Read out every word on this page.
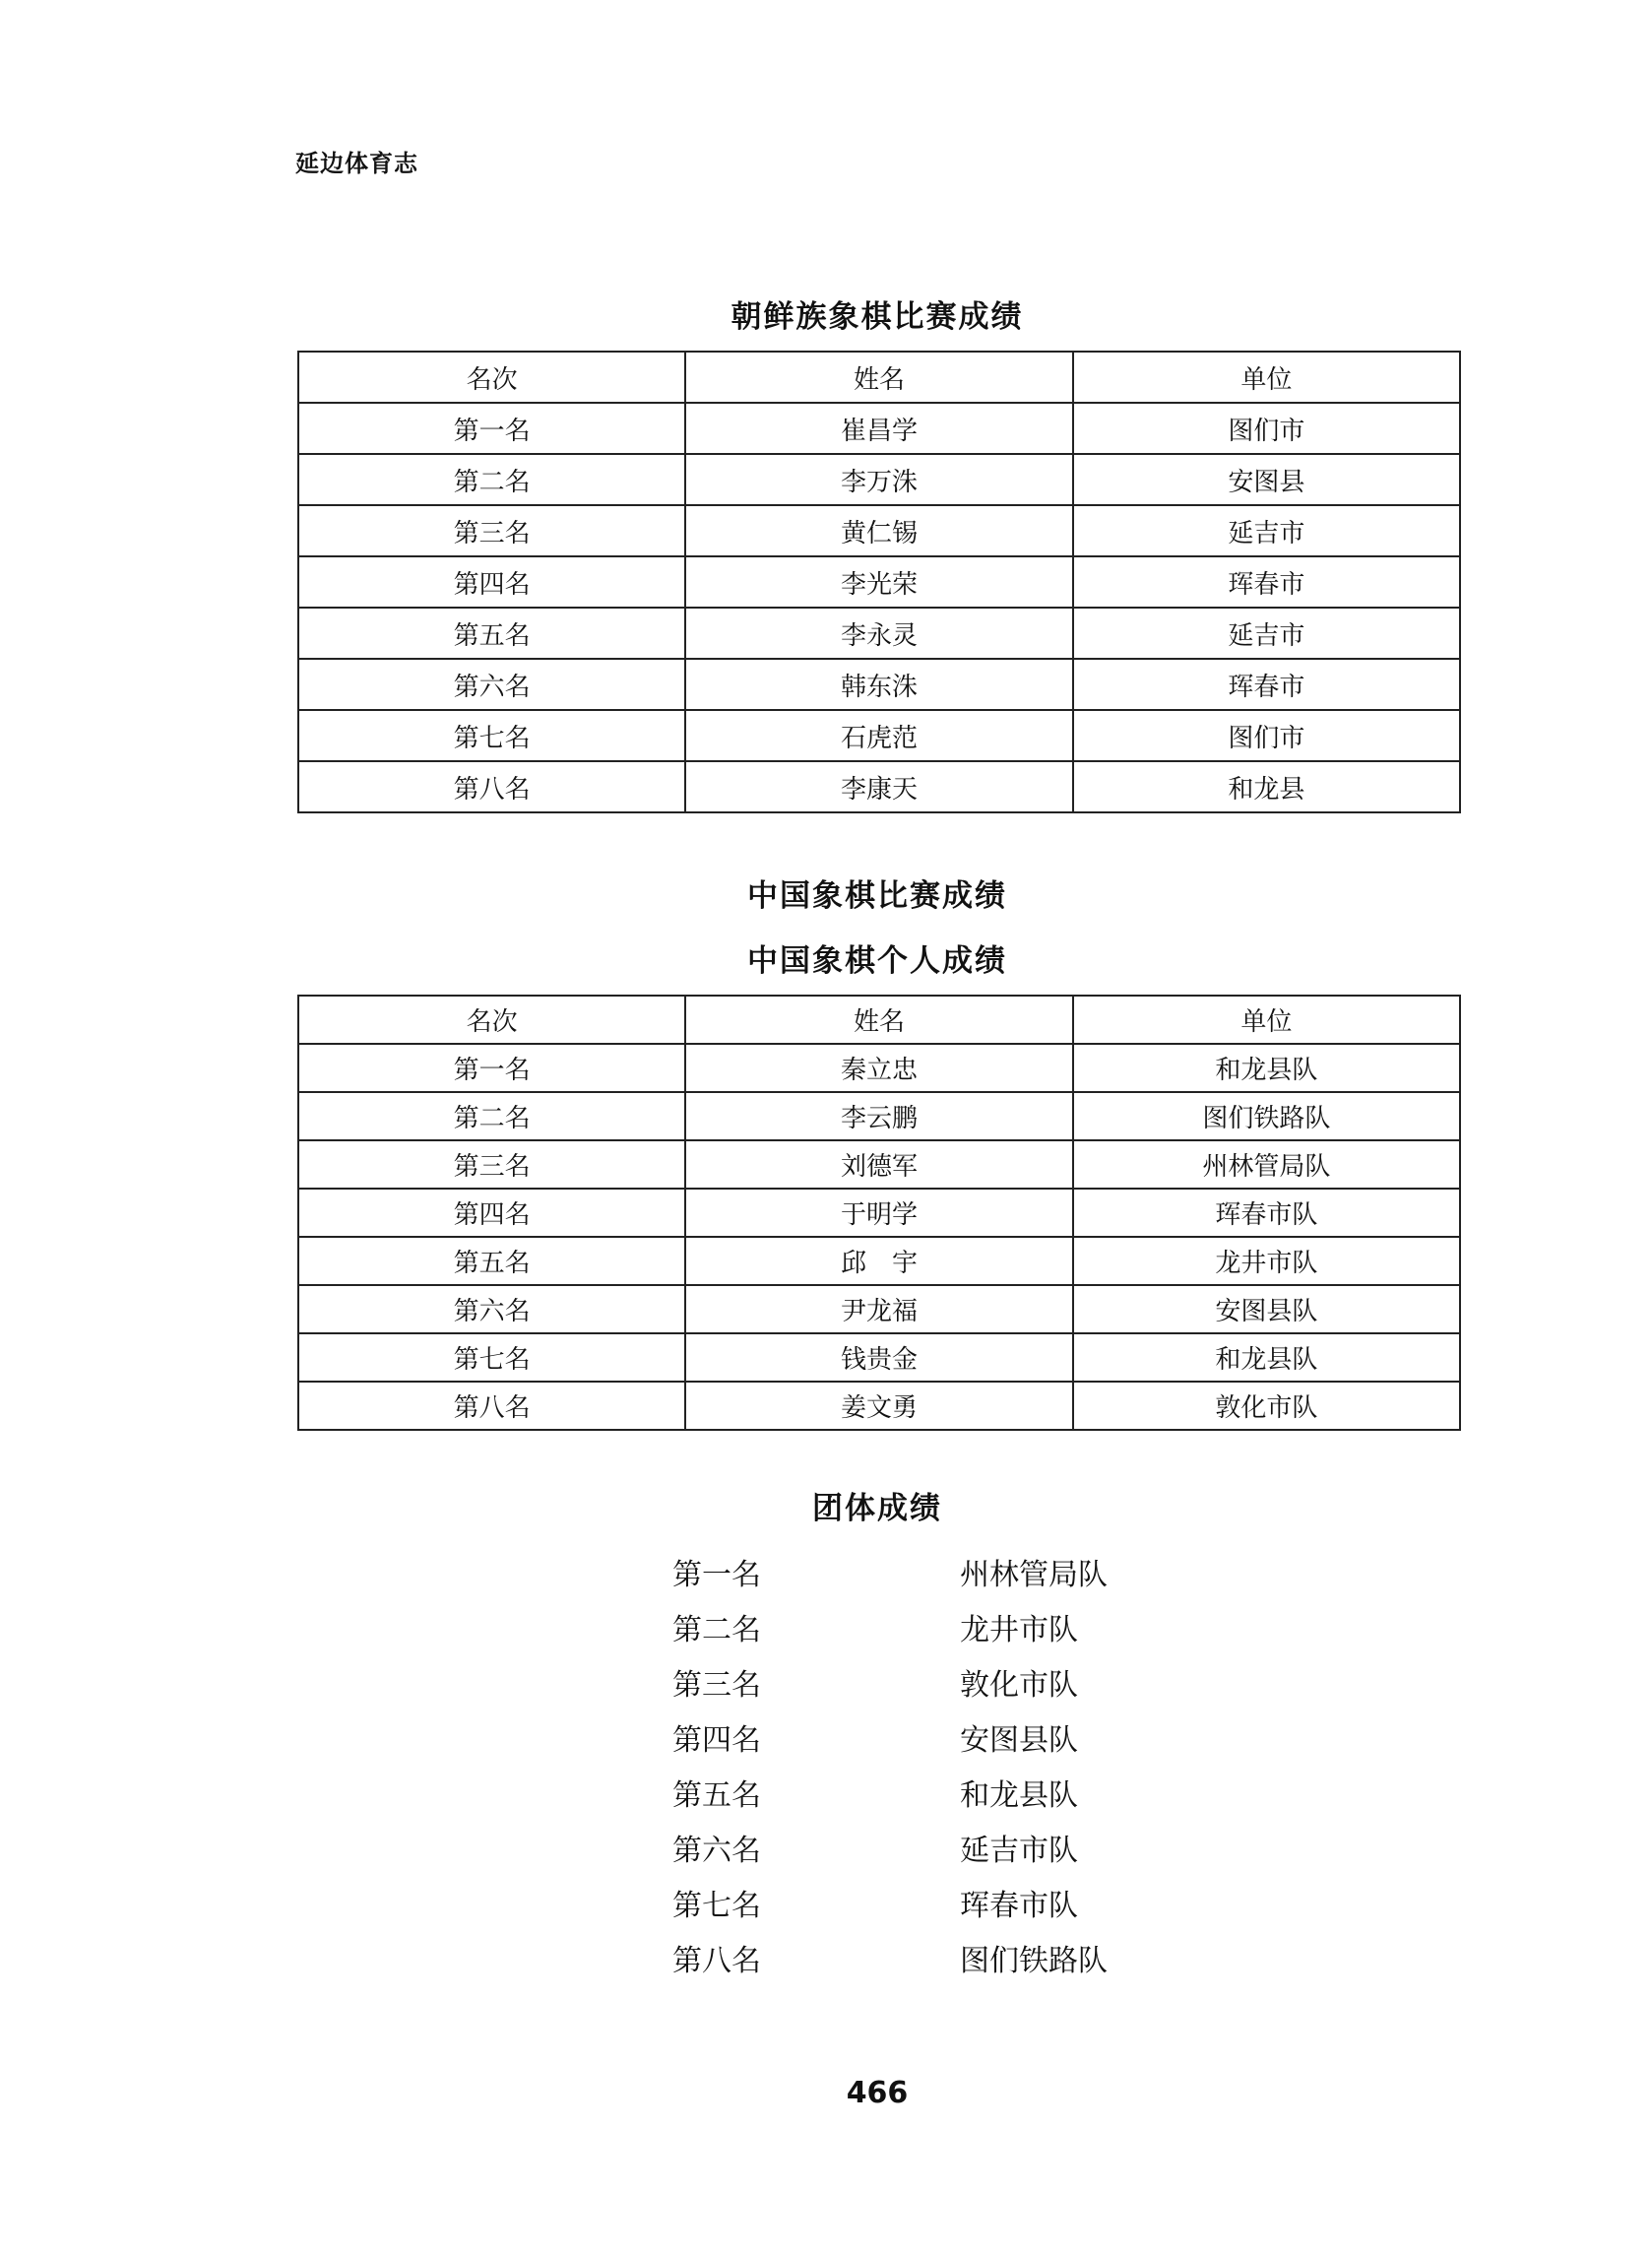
延边体育志
朝鲜族象棋比赛成绩
名次	姓名	单位
第一名	崔昌学	图们市
第二名	李万洙	安图县
第三名	黄仁锡	延吉市
第四名	李光荣	珲春市
第五名	李永灵	延吉市
第六名	韩东洙	珲春市
第七名	石虎范	图们市
第八名	李康天	和龙县
中国象棋比赛成绩
中国象棋个人成绩
名次	姓名	单位
第一名	秦立忠	和龙县队
第二名	李云鹏	图们铁路队
第三名	刘德军	州林管局队
第四名	于明学	珲春市队
第五名	邱　宇	龙井市队
第六名	尹龙福	安图县队
第七名	钱贵金	和龙县队
第八名	姜文勇	敦化市队
团体成绩
第一名	州林管局队
第二名	龙井市队
第三名	敦化市队
第四名	安图县队
第五名	和龙县队
第六名	延吉市队
第七名	珲春市队
第八名	图们铁路队
466
